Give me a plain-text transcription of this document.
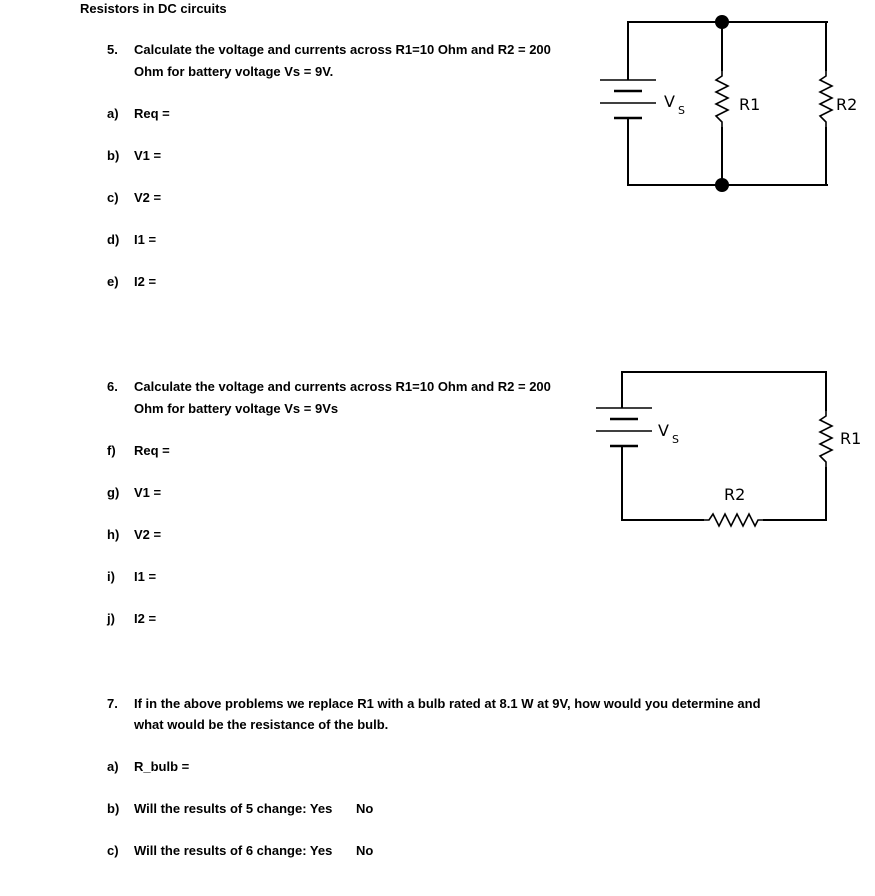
Resistors in DC circuits
5.	Calculate the voltage and currents across R1=10 Ohm and R2 = 200
Ohm for battery voltage Vs = 9V.
a)	Req =
b)	V1 =
c)	V2 =
d)	I1 =
e)	I2 =
V S	R1	R2
6.	Calculate the voltage and currents across R1=10 Ohm and R2 = 200
Ohm for battery voltage Vs = 9Vs
f)	Req =
g)	V1 =
h)	V2 =
i)	I1 =
j)	I2 =
V S	R1
R2
7.	If in the above problems we replace R1 with a bulb rated at 8.1 W at 9V, how would you determine and
what would be the resistance of the bulb.
a)	R_bulb =
b)	Will the results of 5 change: Yes No
c)	Will the results of 6 change: Yes No
